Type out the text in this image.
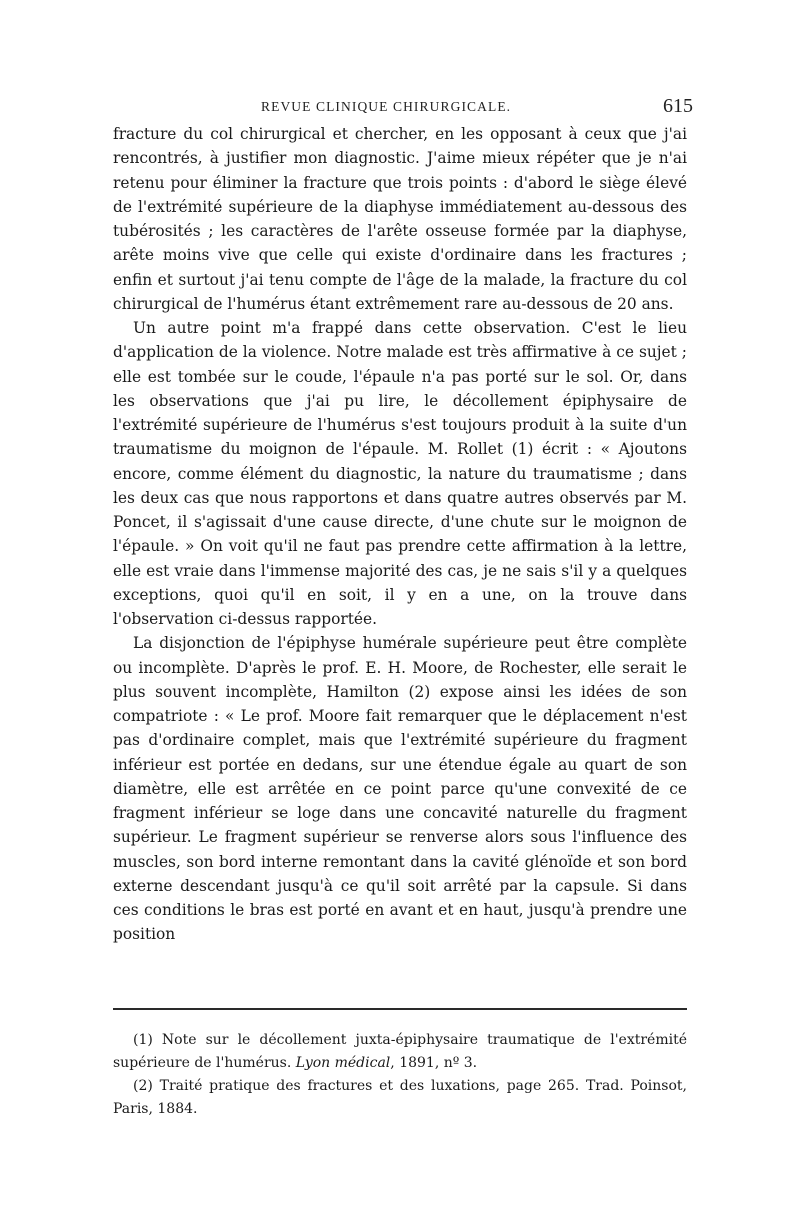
REVUE CLINIQUE CHIRURGICALE.	615

fracture du col chirurgical et chercher, en les opposant à ceux que j'ai rencontrés, à justifier mon diagnostic. J'aime mieux répéter que je n'ai retenu pour éliminer la fracture que trois points : d'abord le siège élevé de l'extrémité supérieure de la diaphyse immédiatement au-dessous des tubérosités ; les caractères de l'arête osseuse formée par la diaphyse, arête moins vive que celle qui existe d'ordinaire dans les fractures ; enfin et surtout j'ai tenu compte de l'âge de la malade, la fracture du col chirurgical de l'humérus étant extrêmement rare au-dessous de 20 ans.

Un autre point m'a frappé dans cette observation. C'est le lieu d'application de la violence. Notre malade est très affirmative à ce sujet ; elle est tombée sur le coude, l'épaule n'a pas porté sur le sol. Or, dans les observations que j'ai pu lire, le décollement épiphysaire de l'extrémité supérieure de l'humérus s'est toujours produit à la suite d'un traumatisme du moignon de l'épaule. M. Rollet (1) écrit : « Ajoutons encore, comme élément du diagnostic, la nature du traumatisme ; dans les deux cas que nous rapportons et dans quatre autres observés par M. Poncet, il s'agissait d'une cause directe, d'une chute sur le moignon de l'épaule. » On voit qu'il ne faut pas prendre cette affirmation à la lettre, elle est vraie dans l'immense majorité des cas, je ne sais s'il y a quelques exceptions, quoi qu'il en soit, il y en a une, on la trouve dans l'observation ci-dessus rapportée.

La disjonction de l'épiphyse humérale supérieure peut être complète ou incomplète. D'après le prof. E. H. Moore, de Rochester, elle serait le plus souvent incomplète, Hamilton (2) expose ainsi les idées de son compatriote : « Le prof. Moore fait remarquer que le déplacement n'est pas d'ordinaire complet, mais que l'extrémité supérieure du fragment inférieur est portée en dedans, sur une étendue égale au quart de son diamètre, elle est arrêtée en ce point parce qu'une convexité de ce fragment inférieur se loge dans une concavité naturelle du fragment supérieur. Le fragment supérieur se renverse alors sous l'influence des muscles, son bord interne remontant dans la cavité glénoïde et son bord externe descendant jusqu'à ce qu'il soit arrêté par la capsule. Si dans ces conditions le bras est porté en avant et en haut, jusqu'à prendre une position

(1) Note sur le décollement juxta-épiphysaire traumatique de l'extrémité supérieure de l'humérus. Lyon médical, 1891, nº 3.

(2) Traité pratique des fractures et des luxations, page 265. Trad. Poinsot, Paris, 1884.
